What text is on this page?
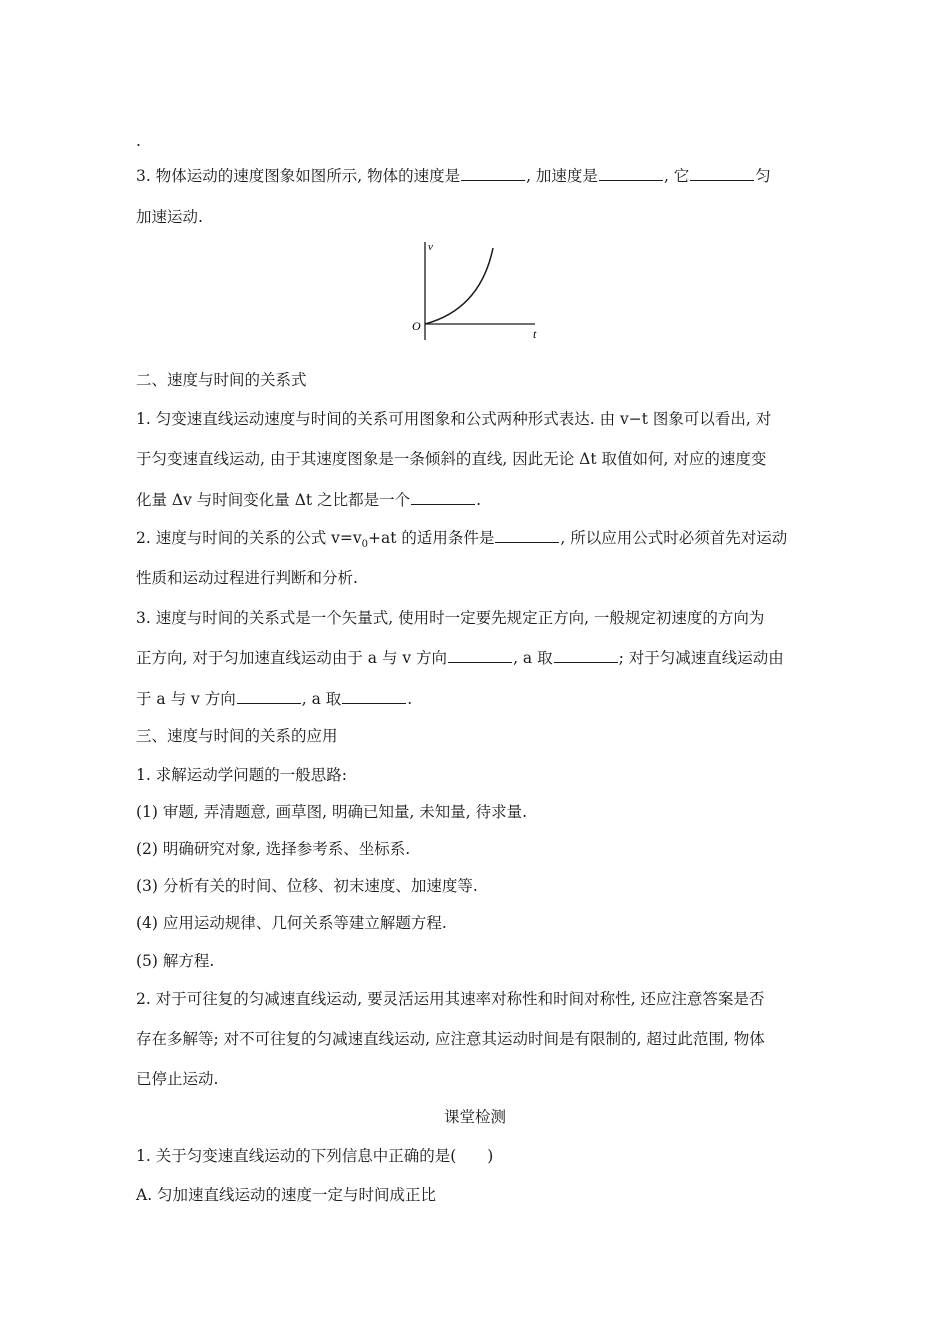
.
3. 物体运动的速度图象如图所示, 物体的速度是	, 加速度是	, 它	匀
加速运动.
v
t
O
二、速度与时间的关系式
1. 匀变速直线运动速度与时间的关系可用图象和公式两种形式表达. 由 v−t 图象可以看出, 对
于匀变速直线运动, 由于其速度图象是一条倾斜的直线, 因此无论 Δt 取值如何, 对应的速度变
化量 Δv 与时间变化量 Δt 之比都是一个	.
2. 速度与时间的关系的公式 $v=v_0+at$ 的适用条件是	, 所以应用公式时必须首先对运动
性质和运动过程进行判断和分析.
3. 速度与时间的关系式是一个矢量式, 使用时一定要先规定正方向, 一般规定初速度的方向为
正方向, 对于匀加速直线运动由于 a 与 v 方向	, a 取	; 对于匀减速直线运动由
于 a 与 v 方向	, a 取	.
三、速度与时间的关系的应用
1. 求解运动学问题的一般思路:
(1) 审题, 弄清题意, 画草图, 明确已知量, 未知量, 待求量.
(2) 明确研究对象, 选择参考系、坐标系.
(3) 分析有关的时间、位移、初末速度、加速度等.
(4) 应用运动规律、几何关系等建立解题方程.
(5) 解方程.
2. 对于可往复的匀减速直线运动, 要灵活运用其速率对称性和时间对称性, 还应注意答案是否
存在多解等; 对不可往复的匀减速直线运动, 应注意其运动时间是有限制的, 超过此范围, 物体
已停止运动.
课堂检测
1. 关于匀变速直线运动的下列信息中正确的是(　　)
A. 匀加速直线运动的速度一定与时间成正比
